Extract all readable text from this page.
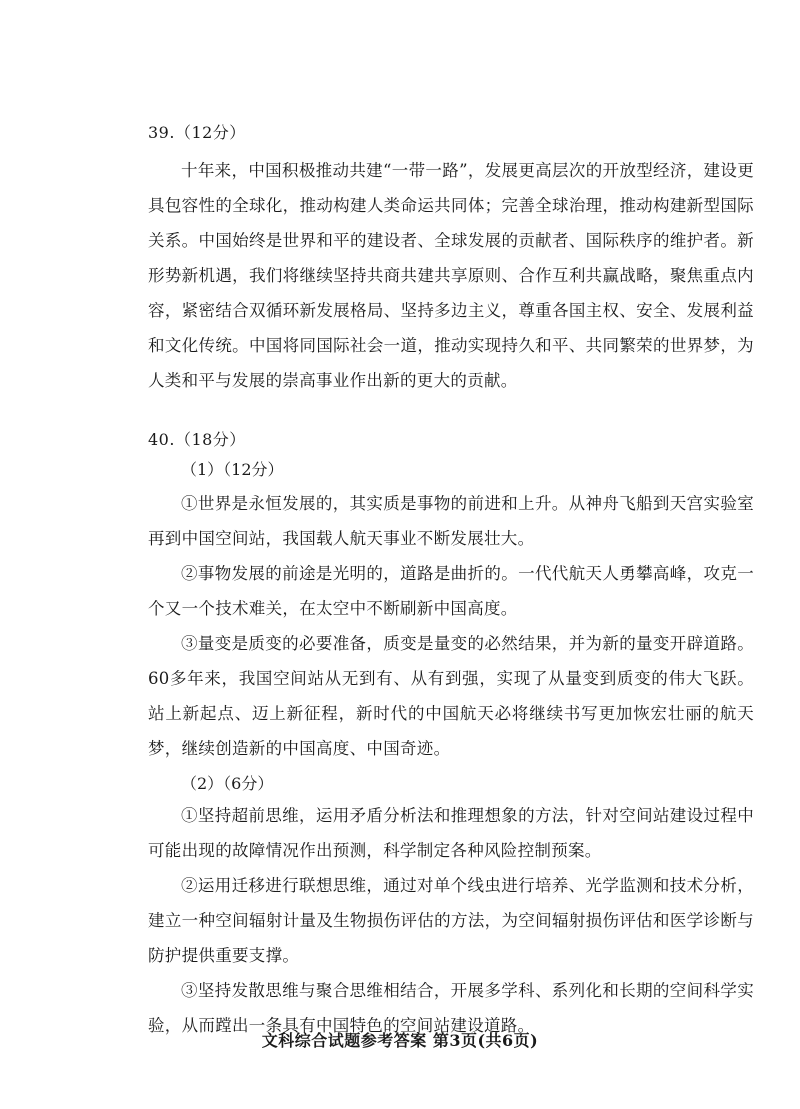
39.（12分）
十年来，中国积极推动共建“一带一路”，发展更高层次的开放型经济，建设更具包容性的全球化，推动构建人类命运共同体；完善全球治理，推动构建新型国际关系。中国始终是世界和平的建设者、全球发展的贡献者、国际秩序的维护者。新形势新机遇，我们将继续坚持共商共建共享原则、合作互利共赢战略，聚焦重点内容，紧密结合双循环新发展格局、坚持多边主义，尊重各国主权、安全、发展利益和文化传统。中国将同国际社会一道，推动实现持久和平、共同繁荣的世界梦，为人类和平与发展的崇高事业作出新的更大的贡献。
40.（18分）
（1）（12分）
①世界是永恒发展的，其实质是事物的前进和上升。从神舟飞船到天宫实验室再到中国空间站，我国载人航天事业不断发展壮大。
②事物发展的前途是光明的，道路是曲折的。一代代航天人勇攀高峰，攻克一个又一个技术难关，在太空中不断刷新中国高度。
③量变是质变的必要准备，质变是量变的必然结果，并为新的量变开辟道路。60多年来，我国空间站从无到有、从有到强，实现了从量变到质变的伟大飞跃。站上新起点、迈上新征程，新时代的中国航天必将继续书写更加恢宏壮丽的航天梦，继续创造新的中国高度、中国奇迹。
（2）（6分）
①坚持超前思维，运用矛盾分析法和推理想象的方法，针对空间站建设过程中可能出现的故障情况作出预测，科学制定各种风险控制预案。
②运用迁移进行联想思维，通过对单个线虫进行培养、光学监测和技术分析，建立一种空间辐射计量及生物损伤评估的方法，为空间辐射损伤评估和医学诊断与防护提供重要支撑。
③坚持发散思维与聚合思维相结合，开展多学科、系列化和长期的空间科学实验，从而蹚出一条具有中国特色的空间站建设道路。
文科综合试题参考答案 第3页(共6页)
